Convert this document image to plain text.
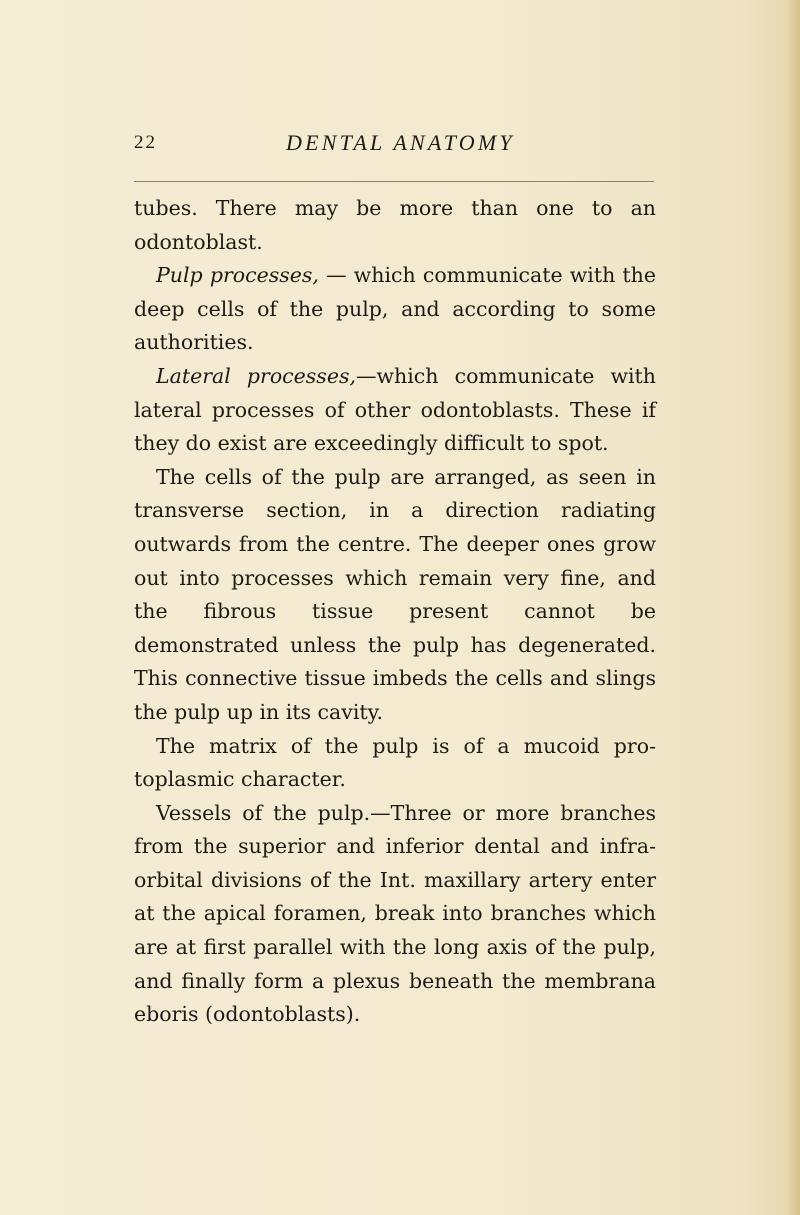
22	DENTAL ANATOMY

tubes. There may be more than one to an odontoblast.

Pulp processes, — which communicate with the deep cells of the pulp, and according to some authorities.

Lateral processes,—which communicate with lateral processes of other odontoblasts. These if they do exist are exceedingly difficult to spot.

The cells of the pulp are arranged, as seen in transverse section, in a direction radiating outwards from the centre. The deeper ones grow out into processes which remain very fine, and the fibrous tissue present cannot be demonstrated unless the pulp has degenerated. This connective tissue imbeds the cells and slings the pulp up in its cavity.

The matrix of the pulp is of a mucoid pro-toplasmic character.

Vessels of the pulp.—Three or more branches from the superior and inferior dental and infra-orbital divisions of the Int. maxillary artery enter at the apical foramen, break into branches which are at first parallel with the long axis of the pulp, and finally form a plexus beneath the membrana eboris (odontoblasts).
